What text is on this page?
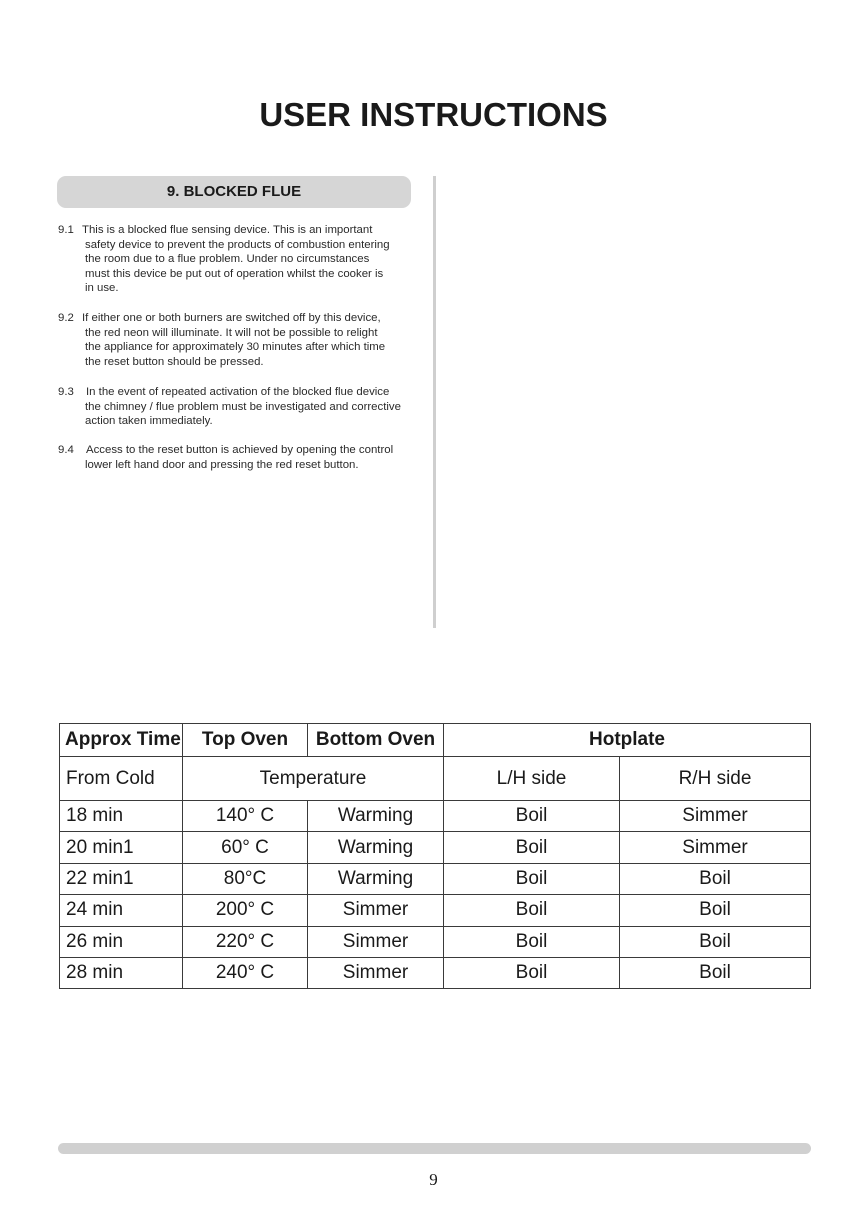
USER INSTRUCTIONS
9. BLOCKED FLUE
9.1 This is a blocked flue sensing device. This is an important
safety device to prevent the products of combustion entering
the room due to a flue problem. Under no circumstances
must this device be put out of operation whilst the cooker is
in use.
9.2 If either one or both burners are switched off by this device,
the red neon will illuminate. It will not be possible to relight
the appliance for approximately 30 minutes after which time
the reset button should be pressed.
9.3	In the event of repeated activation of the blocked flue device
the chimney / flue problem must be investigated and corrective
action taken immediately.
9.4	Access to the reset button is achieved by opening the control
lower left hand door and pressing the red reset button.
Approx Time	Top Oven	Bottom Oven	Hotplate	
From Cold	Temperature		L/H side	R/H side
18 min	140° C	Warming	Boil	Simmer
20 min1	60° C	Warming	Boil	Simmer
22 min1	80°C	Warming	Boil	Boil
24 min	200° C	Simmer	Boil	Boil
26 min	220° C	Simmer	Boil	Boil
28 min	240° C	Simmer	Boil	Boil
9
